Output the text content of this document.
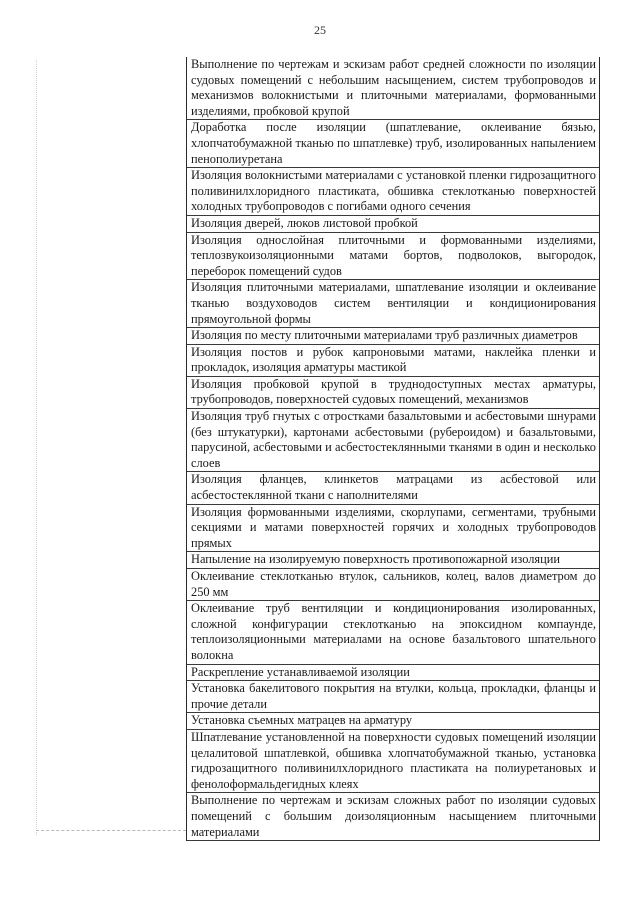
25
Выполнение по чертежам и эскизам работ средней сложности по изоляции судовых помещений с небольшим насыщением, систем трубопроводов и механизмов волокнистыми и плиточными материалами, формованными изделиями, пробковой крупой
Доработка после изоляции (шпатлевание, оклеивание бязью, хлопчатобумажной тканью по шпатлевке) труб, изолированных напылением пенополиуретана
Изоляция волокнистыми материалами с установкой пленки гидрозащитного поливинилхлоридного пластиката, обшивка стеклотканью поверхностей холодных трубопроводов с погибами одного сечения
Изоляция дверей, люков листовой пробкой
Изоляция однослойная плиточными и формованными изделиями, теплозвукоизоляционными матами бортов, подволоков, выгородок, переборок помещений судов
Изоляция плиточными материалами, шпатлевание изоляции и оклеивание тканью воздуховодов систем вентиляции и кондиционирования прямоугольной формы
Изоляция по месту плиточными материалами труб различных диаметров
Изоляция постов и рубок капроновыми матами, наклейка пленки и прокладок, изоляция арматуры мастикой
Изоляция пробковой крупой в труднодоступных местах арматуры, трубопроводов, поверхностей судовых помещений, механизмов
Изоляция труб гнутых с отростками базальтовыми и асбестовыми шнурами (без штукатурки), картонами асбестовыми (рубероидом) и базальтовыми, парусиной, асбестовыми и асбестостеклянными тканями в один и несколько слоев
Изоляция фланцев, клинкетов матрацами из асбестовой или асбестостеклянной ткани с наполнителями
Изоляция формованными изделиями, скорлупами, сегментами, трубными секциями и матами поверхностей горячих и холодных трубопроводов прямых
Напыление на изолируемую поверхность противопожарной изоляции
Оклеивание стеклотканью втулок, сальников, колец, валов диаметром до 250 мм
Оклеивание труб вентиляции и кондиционирования изолированных, сложной конфигурации стеклотканью на эпоксидном компаунде, теплоизоляционными материалами на основе базальтового шпательного волокна
Раскрепление устанавливаемой изоляции
Установка бакелитового покрытия на втулки, кольца, прокладки, фланцы и прочие детали
Установка съемных матрацев на арматуру
Шпатлевание установленной на поверхности судовых помещений изоляции целалитовой шпатлевкой, обшивка хлопчатобумажной тканью, установка гидрозащитного поливинилхлоридного пластиката на полиуретановых и фенолоформальдегидных клеях
Выполнение по чертежам и эскизам сложных работ по изоляции судовых помещений с большим доизоляционным насыщением плиточными материалами
